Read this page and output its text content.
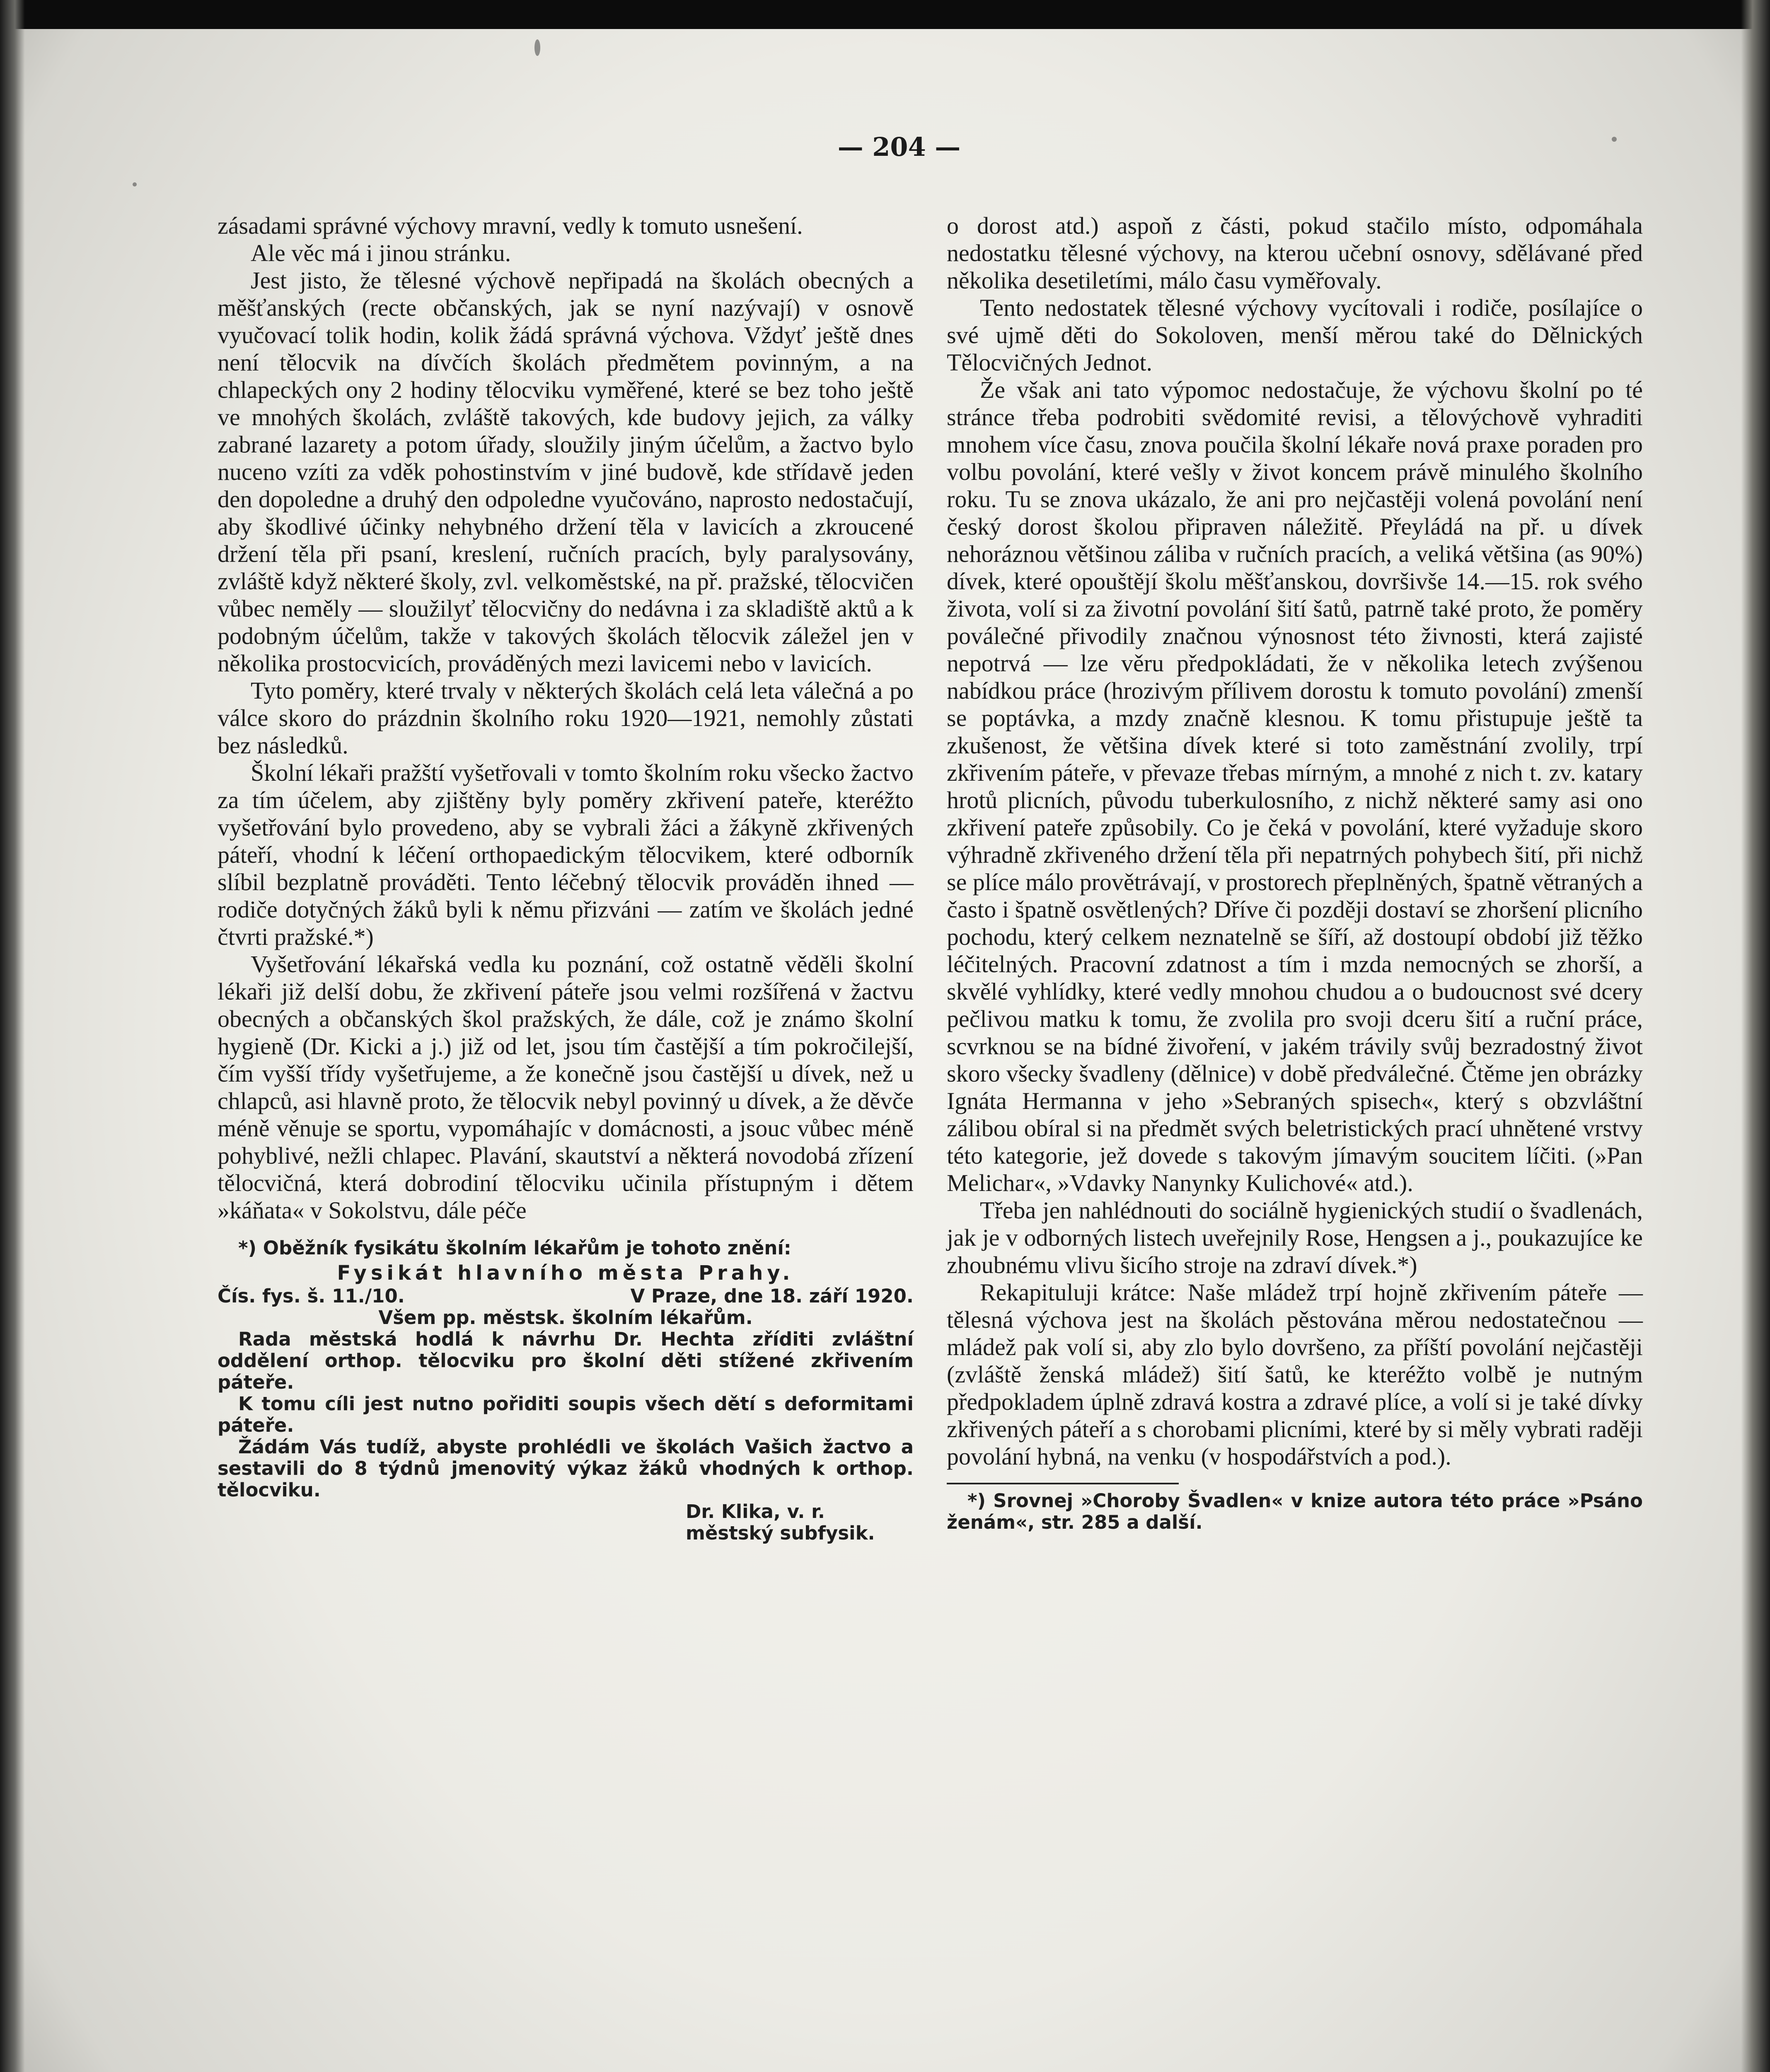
— 204 —

zásadami správné výchovy mravní, vedly k tomuto usnešení.

Ale věc má i jinou stránku.

Jest jisto, že tělesné výchově nepřipadá na školách obecných a měšťanských (recte občanských, jak se nyní nazývají) v osnově vyučovací tolik hodin, kolik žádá správná výchova. Vždyť ještě dnes není tělocvik na dívčích školách předmětem povinným, a na chlapeckých ony 2 hodiny tělocviku vyměřené, které se bez toho ještě ve mnohých školách, zvláště takových, kde budovy jejich, za války zabrané lazarety a potom úřady, sloužily jiným účelům, a žactvo bylo nuceno vzíti za vděk pohostinstvím v jiné budově, kde střídavě jeden den dopoledne a druhý den odpoledne vyučováno, naprosto nedostačují, aby škodlivé účinky nehybného držení těla v lavicích a zkroucené držení těla při psaní, kreslení, ručních pracích, byly paralysovány, zvláště když některé školy, zvl. velkoměstské, na př. pražské, tělocvičen vůbec neměly — sloužilyť tělocvičny do nedávna i za skladiště aktů a k podobným účelům, takže v takových školách tělocvik záležel jen v několika prostocvicích, prováděných mezi lavicemi nebo v lavicích.

Tyto poměry, které trvaly v některých školách celá leta válečná a po válce skoro do prázdnin školního roku 1920—1921, nemohly zůstati bez následků.

Školní lékaři pražští vyšetřovali v tomto školním roku všecko žactvo za tím účelem, aby zjištěny byly poměry zkřivení pateře, kteréžto vyšetřování bylo provedeno, aby se vybrali žáci a žákyně zkřivených páteří, vhodní k léčení orthopaedickým tělocvikem, které odborník slíbil bezplatně prováděti. Tento léčebný tělocvik prováděn ihned — rodiče dotyčných žáků byli k němu přizváni — zatím ve školách jedné čtvrti pražské.*)

Vyšetřování lékařská vedla ku poznání, což ostatně věděli školní lékaři již delší dobu, že zkřivení páteře jsou velmi rozšířená v žactvu obecných a občanských škol pražských, že dále, což je známo školní hygieně (Dr. Kicki a j.) již od let, jsou tím častější a tím pokročilejší, čím vyšší třídy vyšetřujeme, a že konečně jsou častější u dívek, než u chlapců, asi hlavně proto, že tělocvik nebyl povinný u dívek, a že děvče méně věnuje se sportu, vypomáhajíc v domácnosti, a jsouc vůbec méně pohyblivé, nežli chlapec. Plavání, skautství a některá novodobá zřízení tělocvičná, která dobrodiní tělocviku učinila přístupným i dětem »káňata« v Sokolstvu, dále péče

*) Oběžník fysikátu školním lékařům je tohoto znění:

Fysikát hlavního města Prahy.

Čís. fys. š. 11./10.	V Praze, dne 18. září 1920.

Všem pp. městsk. školním lékařům.

Rada městská hodlá k návrhu Dr. Hechta zříditi zvláštní oddělení orthop. tělocviku pro školní děti stížené zkřivením páteře.

K tomu cíli jest nutno pořiditi soupis všech dětí s deformitami páteře.

Žádám Vás tudíž, abyste prohlédli ve školách Vašich žactvo a sestavili do 8 týdnů jmenovitý výkaz žáků vhodných k orthop. tělocviku.

Dr. Klika, v. r.

městský subfysik.

o dorost atd.) aspoň z části, pokud stačilo místo, odpomáhala nedostatku tělesné výchovy, na kterou učební osnovy, sdělávané před několika desetiletími, málo času vyměřovaly.

Tento nedostatek tělesné výchovy vycítovali i rodiče, posílajíce o své ujmě děti do Sokoloven, menší měrou také do Dělnických Tělocvičných Jednot.

Že však ani tato výpomoc nedostačuje, že výchovu školní po té stránce třeba podrobiti svědomité revisi, a tělovýchově vyhraditi mnohem více času, znova poučila školní lékaře nová praxe poraden pro volbu povolání, které vešly v život koncem právě minulého školního roku. Tu se znova ukázalo, že ani pro nejčastěji volená povolání není český dorost školou připraven náležitě. Přeyládá na př. u dívek nehoráznou většinou záliba v ručních pracích, a veliká většina (as 90%) dívek, které opouštějí školu měšťanskou, dovršivše 14.—15. rok svého života, volí si za životní povolání šití šatů, patrně také proto, že poměry poválečné přivodily značnou výnosnost této živnosti, která zajisté nepotrvá — lze věru předpokládati, že v několika letech zvýšenou nabídkou práce (hrozivým přílivem dorostu k tomuto povolání) zmenší se poptávka, a mzdy značně klesnou. K tomu přistupuje ještě ta zkušenost, že většina dívek které si toto zaměstnání zvolily, trpí zkřivením páteře, v převaze třebas mírným, a mnohé z nich t. zv. katary hrotů plicních, původu tuberkulosního, z nichž některé samy asi ono zkřivení pateře způsobily. Co je čeká v povolání, které vyžaduje skoro výhradně zkřiveného držení těla při nepatrných pohybech šití, při nichž se plíce málo provětrávají, v prostorech přeplněných, špatně větraných a často i špatně osvětlených? Dříve či později dostaví se zhoršení plicního pochodu, který celkem neznatelně se šíří, až dostoupí období již těžko léčitelných. Pracovní zdatnost a tím i mzda nemocných se zhorší, a skvělé vyhlídky, které vedly mnohou chudou a o budoucnost své dcery pečlivou matku k tomu, že zvolila pro svoji dceru šití a ruční práce, scvrknou se na bídné živoření, v jakém trávily svůj bezradostný život skoro všecky švadleny (dělnice) v době předválečné. Čtěme jen obrázky Ignáta Hermanna v jeho »Sebraných spisech«, který s obzvláštní zálibou obíral si na předmět svých beletristických prací uhnětené vrstvy této kategorie, jež dovede s takovým jímavým soucitem líčiti. (»Pan Melichar«, »Vdavky Nanynky Kulichové« atd.).

Třeba jen nahlédnouti do sociálně hygienických studií o švadlenách, jak je v odborných listech uveřejnily Rose, Hengsen a j., poukazujíce ke zhoubnému vlivu šicího stroje na zdraví dívek.*)

Rekapituluji krátce: Naše mládež trpí hojně zkřivením páteře — tělesná výchova jest na školách pěstována měrou nedostatečnou — mládež pak volí si, aby zlo bylo dovršeno, za příští povolání nejčastěji (zvláště ženská mládež) šití šatů, ke kteréžto volbě je nutným předpokladem úplně zdravá kostra a zdravé plíce, a volí si je také dívky zkřivených páteří a s chorobami plicními, které by si měly vybrati raději povolání hybná, na venku (v hospodářstvích a pod.).

*) Srovnej »Choroby Švadlen« v knize autora této práce »Psáno ženám«, str. 285 a další.
